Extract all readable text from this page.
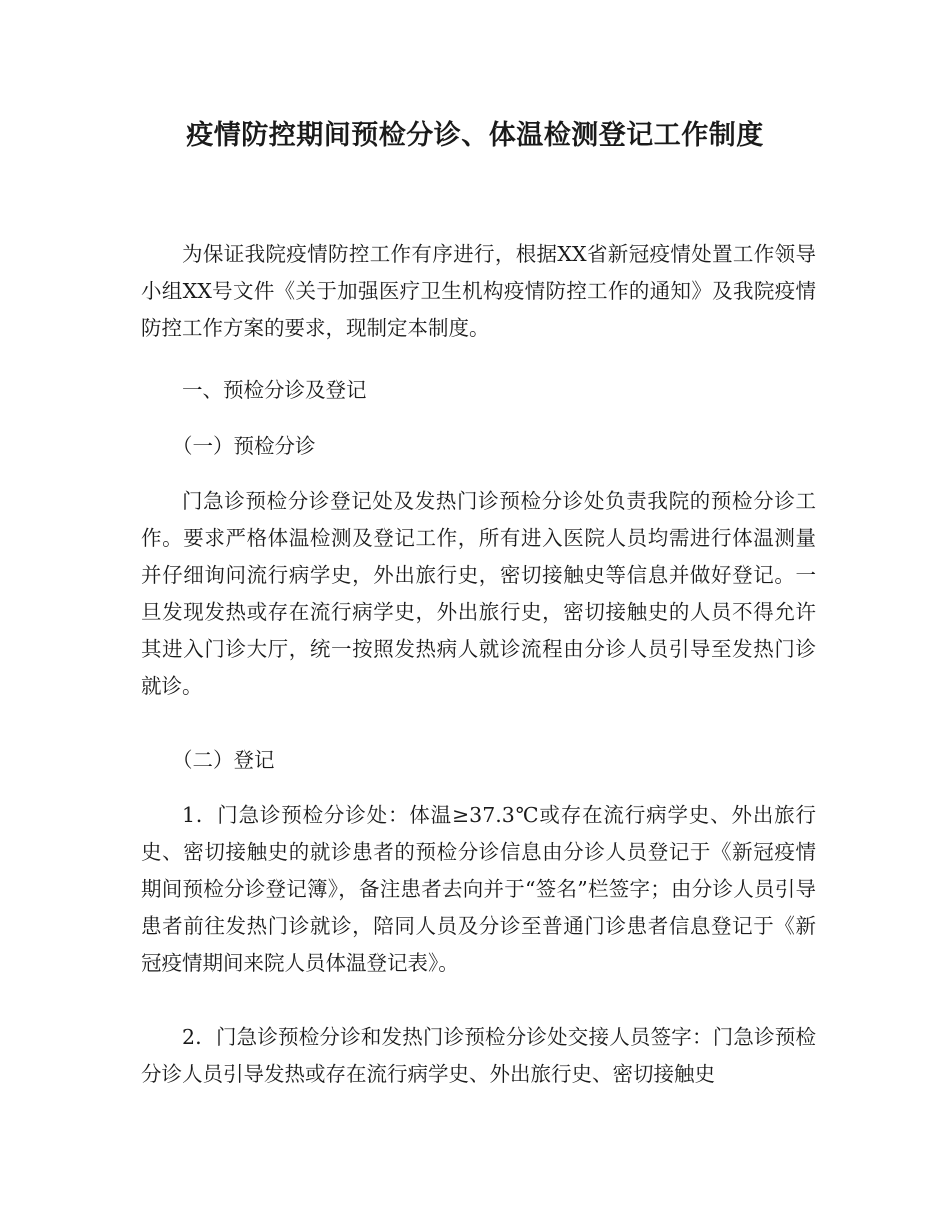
疫情防控期间预检分诊、体温检测登记工作制度

为保证我院疫情防控工作有序进行，根据XX省新冠疫情处置工作领导小组XX号文件《关于加强医疗卫生机构疫情防控工作的通知》及我院疫情防控工作方案的要求，现制定本制度。

一、预检分诊及登记

（一）预检分诊

门急诊预检分诊登记处及发热门诊预检分诊处负责我院的预检分诊工作。要求严格体温检测及登记工作，所有进入医院人员均需进行体温测量并仔细询问流行病学史，外出旅行史，密切接触史等信息并做好登记。一旦发现发热或存在流行病学史，外出旅行史，密切接触史的人员不得允许其进入门诊大厅，统一按照发热病人就诊流程由分诊人员引导至发热门诊就诊。

（二）登记

1．门急诊预检分诊处：体温≥37.3℃或存在流行病学史、外出旅行史、密切接触史的就诊患者的预检分诊信息由分诊人员登记于《新冠疫情期间预检分诊登记簿》，备注患者去向并于“签名”栏签字；由分诊人员引导患者前往发热门诊就诊，陪同人员及分诊至普通门诊患者信息登记于《新冠疫情期间来院人员体温登记表》。

2．门急诊预检分诊和发热门诊预检分诊处交接人员签字：门急诊预检分诊人员引导发热或存在流行病学史、外出旅行史、密切接触史
